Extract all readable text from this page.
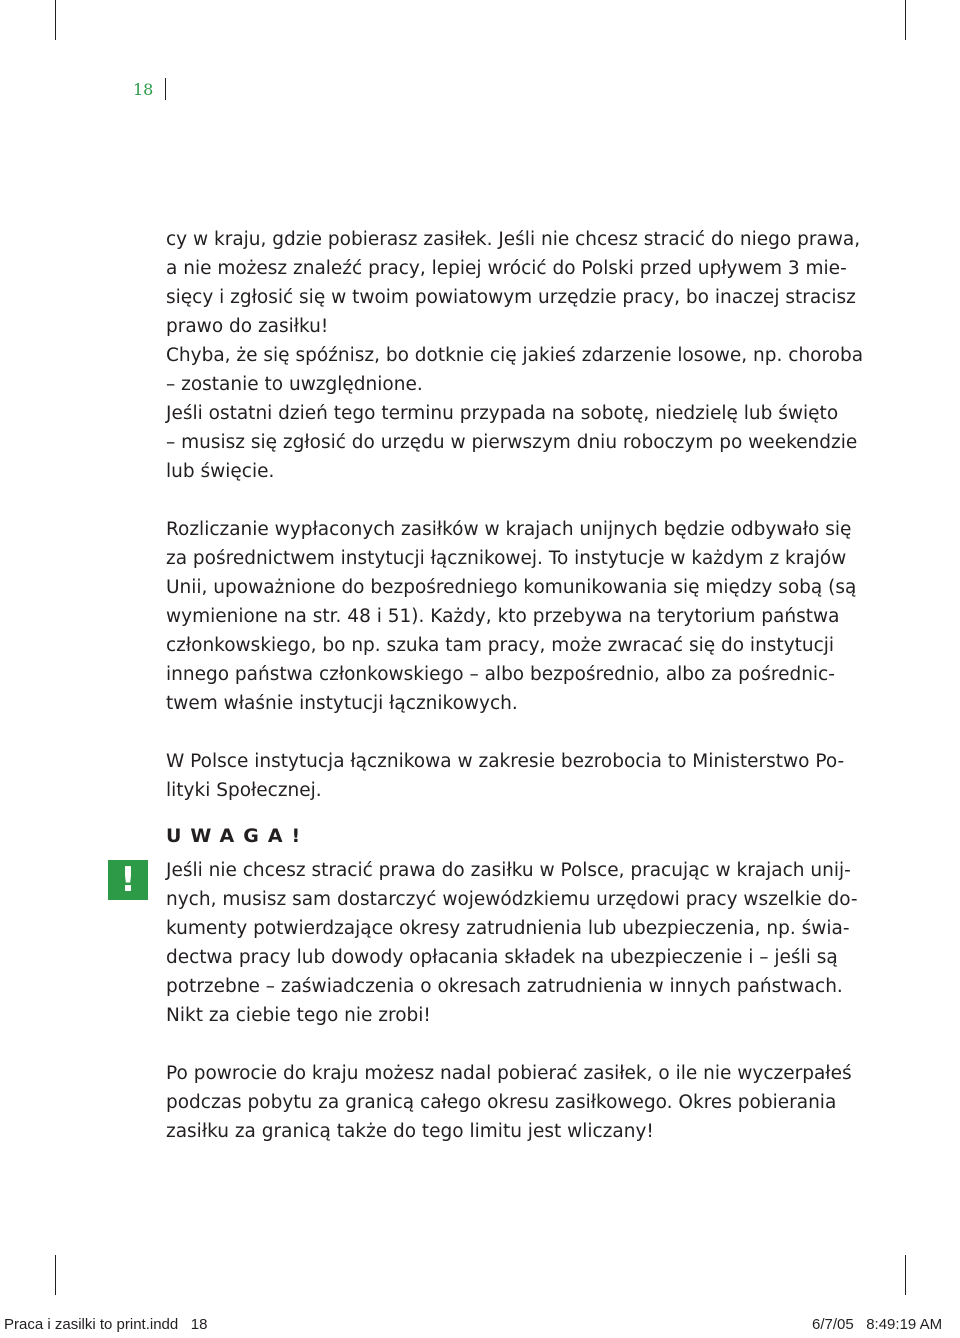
18
cy w kraju, gdzie pobierasz zasiłek. Jeśli nie chcesz stracić do niego prawa,
a nie możesz znaleźć pracy, lepiej wrócić do Polski przed upływem 3 mie-
sięcy i zgłosić się w twoim powiatowym urzędzie pracy, bo inaczej stracisz
prawo do zasiłku!
Chyba, że się spóźnisz, bo dotknie cię jakieś zdarzenie losowe, np. choroba
– zostanie to uwzględnione.
Jeśli ostatni dzień tego terminu przypada na sobotę, niedzielę lub święto
– musisz się zgłosić do urzędu w pierwszym dniu roboczym po weekendzie
lub święcie.
Rozliczanie wypłaconych zasiłków w krajach unijnych będzie odbywało się
za pośrednictwem instytucji łącznikowej. To instytucje w każdym z krajów
Unii, upoważnione do bezpośredniego komunikowania się między sobą (są
wymienione na str. 48 i 51). Każdy, kto przebywa na terytorium państwa
członkowskiego, bo np. szuka tam pracy, może zwracać się do instytucji
innego państwa członkowskiego – albo bezpośrednio, albo za pośrednic-
twem właśnie instytucji łącznikowych.
W Polsce instytucja łącznikowa w zakresie bezrobocia to Ministerstwo Po-
lityki Społecznej.
UWAGA!
! Jeśli nie chcesz stracić prawa do zasiłku w Polsce, pracując w krajach unij-
nych, musisz sam dostarczyć wojewódzkiemu urzędowi pracy wszelkie do-
kumenty potwierdzające okresy zatrudnienia lub ubezpieczenia, np. świa-
dectwa pracy lub dowody opłacania składek na ubezpieczenie i – jeśli są
potrzebne – zaświadczenia o okresach zatrudnienia w innych państwach.
Nikt za ciebie tego nie zrobi!
Po powrocie do kraju możesz nadal pobierać zasiłek, o ile nie wyczerpałeś
podczas pobytu za granicą całego okresu zasiłkowego. Okres pobierania
zasiłku za granicą także do tego limitu jest wliczany!
Praca i zasilki to print.indd   18	6/7/05   8:49:19 AM
